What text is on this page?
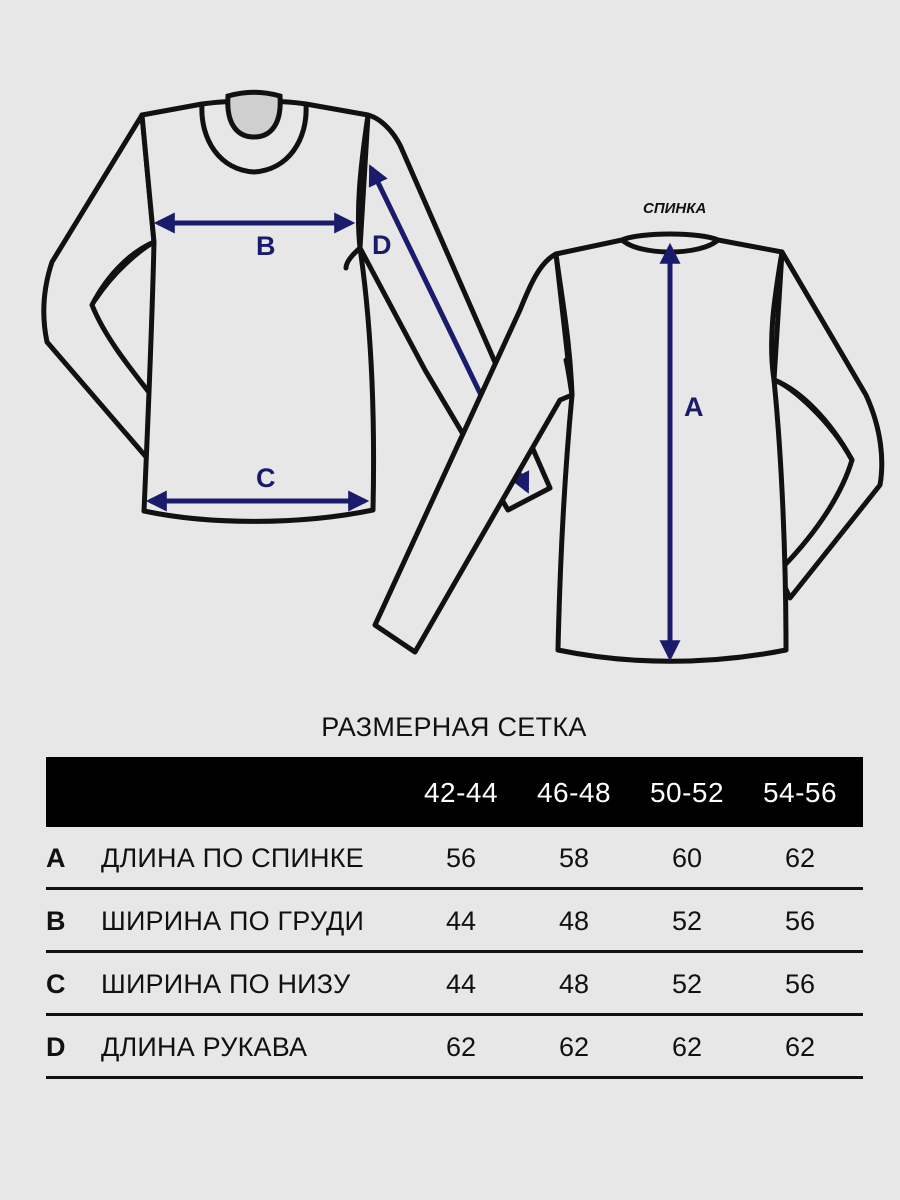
B
C
D
СПИНКА
A
РАЗМЕРНАЯ СЕТКА
42-44	46-48	50-52	54-56
A ДЛИНА ПО СПИНКЕ	56	58	60	62
B ШИРИНА ПО ГРУДИ	44	48	52	56
C ШИРИНА ПО НИЗУ	44	48	52	56
D ДЛИНА РУКАВА	62	62	62	62
